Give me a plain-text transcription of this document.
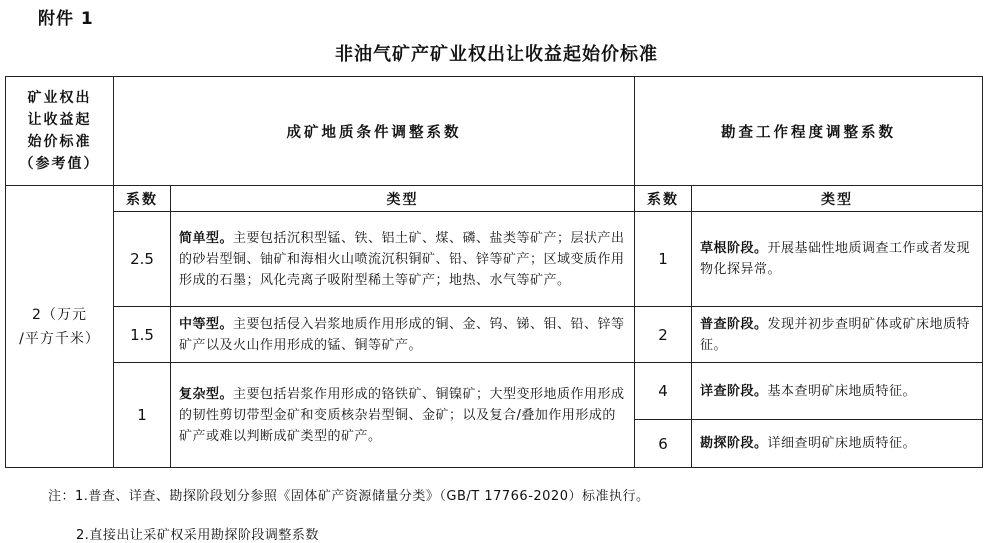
附件 1
非油气矿产矿业权出让收益起始价标准
矿业权出
让收益起
始价标准
（参考值）	成矿地质条件调整系数		勘查工作程度调整系数	

2（万元
/平方千米）	系数	类型	系数	类型
	2.5	简单型。主要包括沉积型锰、铁、铝土矿、煤、磷、盐类等矿产；层状产出的砂岩型铜、铀矿和海相火山喷流沉积铜矿、铅、锌等矿产；区域变质作用形成的石墨；风化壳离子吸附型稀土等矿产；地热、水气等矿产。	1	草根阶段。开展基础性地质调查工作或者发现物化探异常。
	1.5	中等型。主要包括侵入岩浆地质作用形成的铜、金、钨、锑、钼、铅、锌等矿产以及火山作用形成的锰、铜等矿产。	2	普查阶段。发现并初步查明矿体或矿床地质特征。
	1	复杂型。主要包括岩浆作用形成的铬铁矿、铜镍矿；大型变形地质作用形成的韧性剪切带型金矿和变质核杂岩型铜、金矿；以及复合/叠加作用形成的矿产或难以判断成矿类型的矿产。	4	详查阶段。基本查明矿床地质特征。
			6	勘探阶段。详细查明矿床地质特征。
注：1.普查、详查、勘探阶段划分参照《固体矿产资源储量分类》（GB/T 17766-2020）标准执行。
2.直接出让采矿权采用勘探阶段调整系数
